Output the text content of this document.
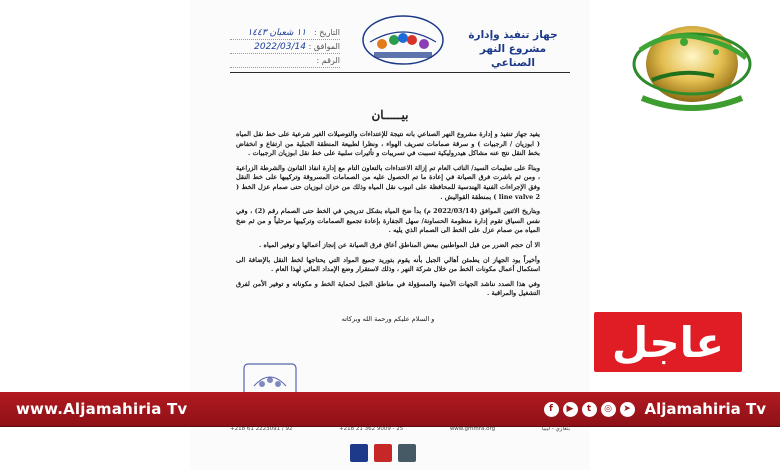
جهاز تنفيذ وإدارة
مشروع النهر الصناعي
التاريخ :
١١ شعبان ١٤٤٣
الموافق :
2022/03/14
الرقم :
بيـــــان

يفيد جهاز تنفيذ و إدارة مشروع النهر الصناعي بانه نتيجة للإعتداءات والتوصيلات الغير شرعية على خط نقل المياه ( ابوزيان / الرجبيات ) و سرقة صمامات تصريف الهواء ، ونظرا لطبيعة المنطقة الجبلية من ارتفاع و انخفاض بخط النقل نتج عنه مشاكل هيدروليكية تسببت في تسريبات و تأثيرات سلبية على خط نقل ابوزيان الرجبيات .

وبناءً على تعليمات السيد/ النائب العام تم إزالة الاعتداءات بالتعاون التام مع إدارة انفاذ القانون والشرطة الزراعية ، ومن ثم باشرت فرق الصيانة في إعادة ما تم الحصول عليه من الصمامات المسروقة وتركيبها على خط النقل وفق الإجراءات الفنية الهندسية للمحافظة على انبوب نقل المياه وذلك من خزان ابوزيان حتى صمام عزل الخط ( line valve 2 ) بمنطقة القواليش .

وبتاريخ الاثنين الموافق (2022/03/14 م) بدأ ضخ المياه بشكل تدريجي في الخط حتى الصمام رقم (2) ، وفي نفس السياق تقوم إدارة منظومة الحساونة/ سهل الجفارة بإعادة تجميع الصمامات وتركيبها مرحلياً و من ثم ضخ المياه من صمام عزل على الخط الى الصمام الذي يليه .

الا أن حجم الضرر من قبل المواطنين ببعض المناطق أعاق فرق الصيانة عن إنجاز أعمالها و توفير المياه .

وأخيراً يود الجهاز ان يطمئن أهالي الجبل بأنه يقوم بتوريد جميع المواد التي يحتاجها لخط النقل بالإضافة الى استكمال أعمال مكونات الخط من خلال شركة النهر ، وذلك لاستقرار وضع الإمداد المائي لهذا العام .

وفي هذا الصدد نناشد الجهات الأمنية والمسؤولة في مناطق الجبل لحماية الخط و مكوناته و توفير الأمن لفرق التشغيل والمراقبة .

و السلام عليكم ورحمة الله وبركاته

+218 61 2223091 / 92	+218 21 362 9009 - 25	www.gmmra.org	بنغازي - ليبيا
عاجل
www.Aljamahiria Tv	f	▶	t	◎	➤ Aljamahiria Tv
